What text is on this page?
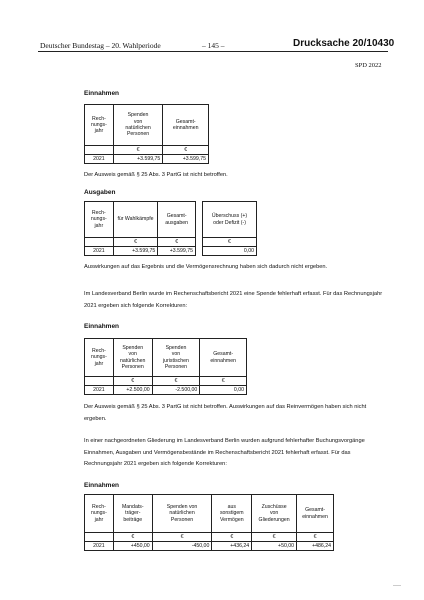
Deutscher Bundestag – 20. Wahlperiode	– 145 –	Drucksache 20/10430
SPD 2022
Einnahmen
Rech-
nungs-
jahr	Spenden
von
natürlichen
Personen	Gesamt-
einnahmen
	€	€
2021	+3.599,75	+3.599,75
Der Ausweis gemäß § 25 Abs. 3 PartG ist nicht betroffen.
Ausgaben
Rech-
nungs-
jahr	für Wahlkämpfe	Gesamt-
ausgaben
	€	€
2021	+3.599,75	+3.599,75
Überschuss (+)
oder Defizit (-)
€
0,00
Auswirkungen auf das Ergebnis und die Vermögensrechnung haben sich dadurch nicht ergeben.
Im Landesverband Berlin wurde im Rechenschaftsbericht 2021 eine Spende fehlerhaft erfasst. Für das Rechnungsjahr 2021 ergeben sich folgende Korrekturen:
Einnahmen
Rech-
nungs-
jahr	Spenden
von
natürlichen
Personen	Spenden
von
juristischen
Personen	Gesamt-
einnahmen
	€	€	€
2021	+2.500,00	-2.500,00	0,00
Der Ausweis gemäß § 25 Abs. 3 PartG ist nicht betroffen. Auswirkungen auf das Reinvermögen haben sich nicht ergeben.
In einer nachgeordneten Gliederung im Landesverband Berlin wurden aufgrund fehlerhafter Buchungsvorgänge Einnahmen, Ausgaben und Vermögensbestände im Rechenschaftsbericht 2021 fehlerhaft erfasst. Für das Rechnungsjahr 2021 ergeben sich folgende Korrekturen:
Einnahmen
Rech-
nungs-
jahr	Mandats-
träger-
beiträge	Spenden von
natürlichen
Personen	aus
sonstigem
Vermögen	Zuschüsse
von
Gliederungen	Gesamt-
einnahmen
	€	€	€	€	€
2021	+450,00	-450,00	+436,24	+50,00	+486,24
